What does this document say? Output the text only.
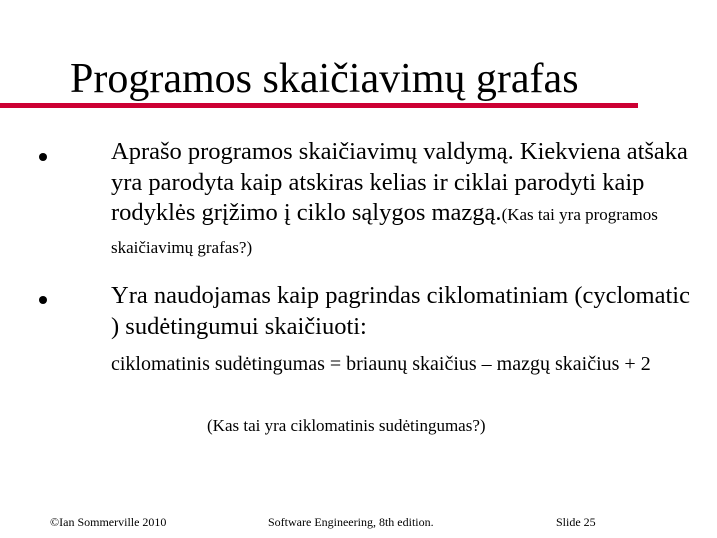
Programos skaičiavimų grafas
Aprašo programos skaičiavimų valdymą. Kiekviena atšaka yra parodyta kaip atskiras kelias ir ciklai parodyti kaip rodyklės grįžimo į ciklo sąlygos mazgą.(Kas tai yra programos skaičiavimų grafas?)
Yra naudojamas kaip pagrindas ciklomatiniam (cyclomatic ) sudėtingumui skaičiuoti:
ciklomatinis sudėtingumas = briaunų skaičius – mazgų skaičius + 2
(Kas tai yra ciklomatinis sudėtingumas?)
©Ian Sommerville 2010	Software Engineering, 8th edition.	Slide 25
